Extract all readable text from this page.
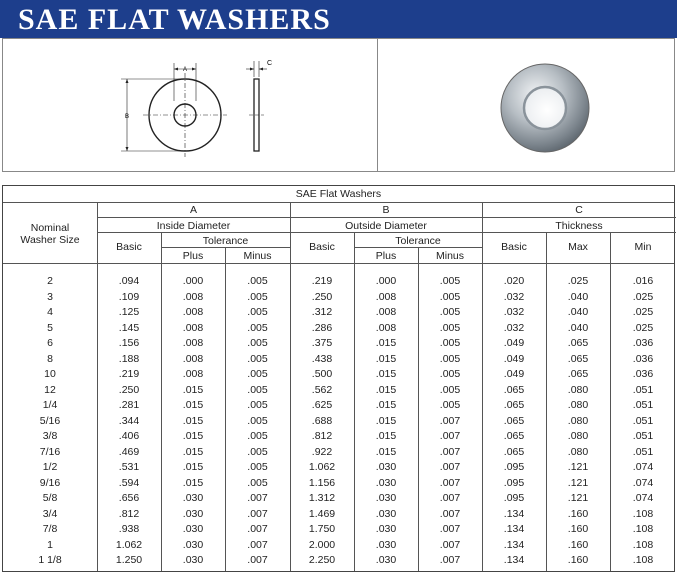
SAE FLAT WASHERS
A
B
C
SAE Flat Washers
Nominal
Washer Size
A
Inside Diameter
Basic	Tolerance
Plus	Minus
B
Outside Diameter
Basic	Tolerance
Plus	Minus
C
Thickness
Basic	Max	Min
2	.094	.000	.005	.219	.000	.005	.020	.025	.016
3	.109	.008	.005	.250	.008	.005	.032	.040	.025
4	.125	.008	.005	.312	.008	.005	.032	.040	.025
5	.145	.008	.005	.286	.008	.005	.032	.040	.025
6	.156	.008	.005	.375	.015	.005	.049	.065	.036
8	.188	.008	.005	.438	.015	.005	.049	.065	.036
10	.219	.008	.005	.500	.015	.005	.049	.065	.036
12	.250	.015	.005	.562	.015	.005	.065	.080	.051
1/4	.281	.015	.005	.625	.015	.005	.065	.080	.051
5/16	.344	.015	.005	.688	.015	.007	.065	.080	.051
3/8	.406	.015	.005	.812	.015	.007	.065	.080	.051
7/16	.469	.015	.005	.922	.015	.007	.065	.080	.051
1/2	.531	.015	.005	1.062	.030	.007	.095	.121	.074
9/16	.594	.015	.005	1.156	.030	.007	.095	.121	.074
5/8	.656	.030	.007	1.312	.030	.007	.095	.121	.074
3/4	.812	.030	.007	1.469	.030	.007	.134	.160	.108
7/8	.938	.030	.007	1.750	.030	.007	.134	.160	.108
1	1.062	.030	.007	2.000	.030	.007	.134	.160	.108
1 1/8	1.250	.030	.007	2.250	.030	.007	.134	.160	.108
